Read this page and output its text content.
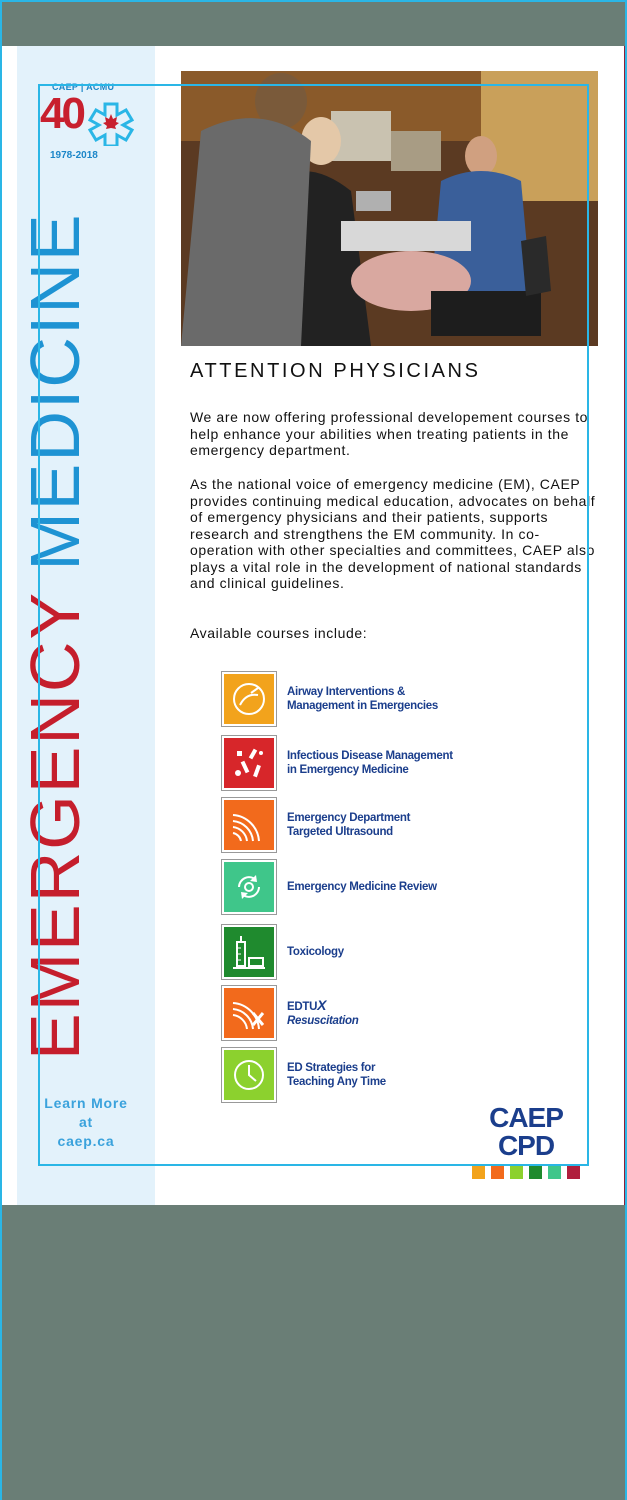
CAEP | ACMU
40
1978-2018
EMERGENCY MEDICINE
Learn More
at
caep.ca
ATTENTION PHYSICIANS
We are now offering professional developement courses to help enhance your abilities when treating patients in the emergency department.
As the national voice of emergency medicine (EM), CAEP provides continuing medical education, advocates on behalf of emergency physicians and their patients, supports research and strengthens the EM community. In co-operation with other specialties and committees, CAEP also plays a vital role in the development of national standards and clinical guidelines.
Available courses include:
Airway Interventions &
Management in Emergencies
Infectious Disease Management
in Emergency Medicine
Emergency Department
Targeted Ultrasound
Emergency Medicine Review
Toxicology
EDTUX
Resuscitation
ED Strategies for
Teaching Any Time
CAEP CPD
